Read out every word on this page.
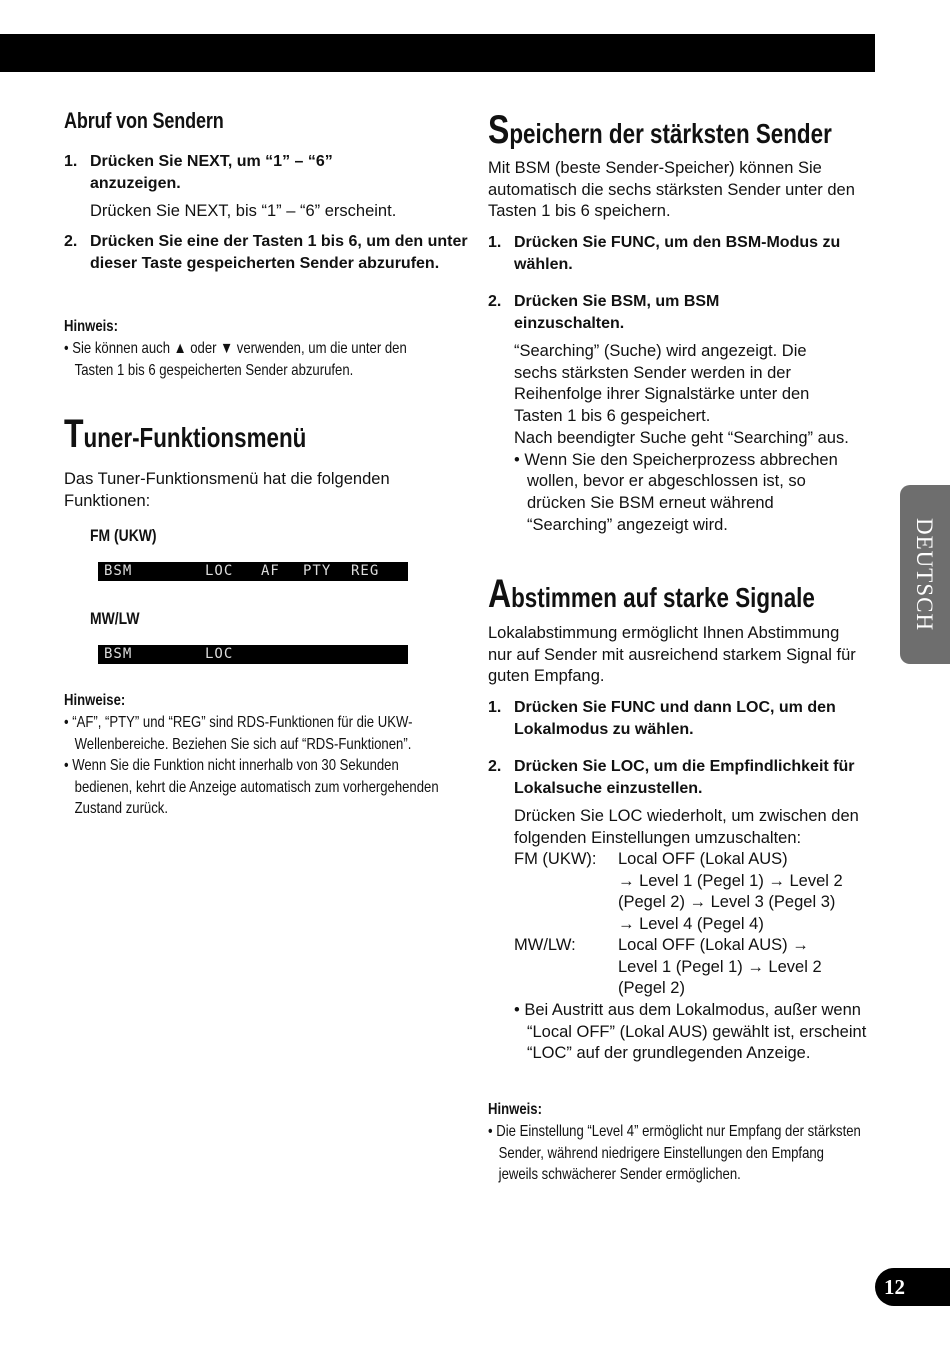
Abruf von Sendern
1. Drücken Sie NEXT, um “1” – “6” anzuzeigen.
Drücken Sie NEXT, bis “1” – “6” erscheint.
2. Drücken Sie eine der Tasten 1 bis 6, um den unter dieser Taste gespeicherten Sender abzurufen.
Hinweis:
• Sie können auch ▲ oder ▼ verwenden, um die unter den Tasten 1 bis 6 gespeicherten Sender abzurufen.
Tuner-Funktionsmenü
Das Tuner-Funktionsmenü hat die folgenden Funktionen:
FM (UKW)

BSM

	LOC

AF

PTY

REG

MW/LW

BSM

	LOC

Hinweise:
• “AF”, “PTY” und “REG” sind RDS-Funktionen für die UKW-Wellenbereiche. Beziehen Sie sich auf “RDS-Funktionen”.
• Wenn Sie die Funktion nicht innerhalb von 30 Sekunden bedienen, kehrt die Anzeige automatisch zum vorhergehenden Zustand zurück.
Speichern der stärksten Sender
Mit BSM (beste Sender-Speicher) können Sie automatisch die sechs stärksten Sender unter den Tasten 1 bis 6 speichern.
1. Drücken Sie FUNC, um den BSM-Modus zu wählen.
2. Drücken Sie BSM, um BSM einzuschalten.
“Searching” (Suche) wird angezeigt. Die sechs stärksten Sender werden in der Reihenfolge ihrer Signalstärke unter den Tasten 1 bis 6 gespeichert.
Nach beendigter Suche geht “Searching” aus.
• Wenn Sie den Speicherprozess abbrechen wollen, bevor er abgeschlossen ist, so drücken Sie BSM erneut während “Searching” angezeigt wird.
Abstimmen auf starke Signale
Lokalabstimmung ermöglicht Ihnen Abstimmung nur auf Sender mit ausreichend starkem Signal für guten Empfang.
1. Drücken Sie FUNC und dann LOC, um den Lokalmodus zu wählen.
2. Drücken Sie LOC, um die Empfindlichkeit für Lokalsuche einzustellen.
Drücken Sie LOC wiederholt, um zwischen den folgenden Einstellungen umzuschalten:
FM (UKW): Local OFF (Lokal AUS)
→ Level 1 (Pegel 1) → Level 2
(Pegel 2) → Level 3 (Pegel 3)
→ Level 4 (Pegel 4)
MW/LW:	Local OFF (Lokal AUS) →
Level 1 (Pegel 1) → Level 2
(Pegel 2)
• Bei Austritt aus dem Lokalmodus, außer wenn “Local OFF” (Lokal AUS) gewählt ist, erscheint “LOC” auf der grundlegenden Anzeige.
Hinweis:
• Die Einstellung “Level 4” ermöglicht nur Empfang der stärksten Sender, während niedrigere Einstellungen den Empfang jeweils schwächerer Sender ermöglichen.
DEUTSCH
12
